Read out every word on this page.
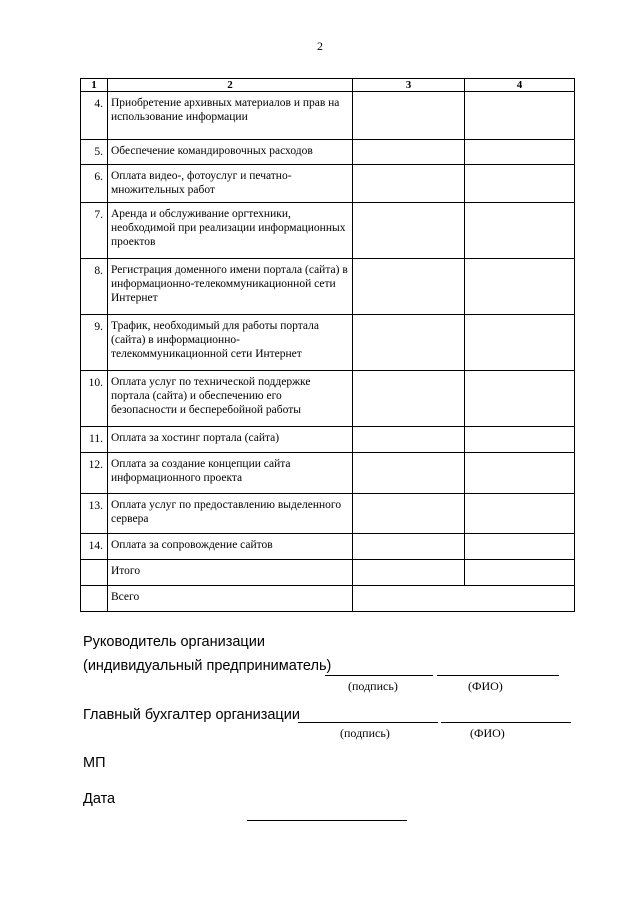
2
1	2	3	4
4.	Приобретение архивных материалов и прав на использование информации		
5.	Обеспечение командировочных расходов		
6.	Оплата видео-, фотоуслуг и печатно-множительных работ		
7.	Аренда и обслуживание оргтехники, необходимой при реализации информационных проектов		
8.	Регистрация доменного имени портала (сайта) в информационно-телекоммуникационной сети Интернет		
9.	Трафик, необходимый для работы портала (сайта) в информационно-телекоммуникационной сети Интернет		
10.	Оплата услуг по технической поддержке портала (сайта) и обеспечению его безопасности и бесперебойной работы		
11.	Оплата за хостинг портала (сайта)		
12.	Оплата за создание концепции сайта информационного проекта		
13.	Оплата услуг по предоставлению выделенного сервера		
14.	Оплата за сопровождение сайтов		
	Итого		
	Всего		
Руководитель организации
(индивидуальный предприниматель)
(подпись)	(ФИО)
Главный бухгалтер организации
(подпись)	(ФИО)
МП
Дата
